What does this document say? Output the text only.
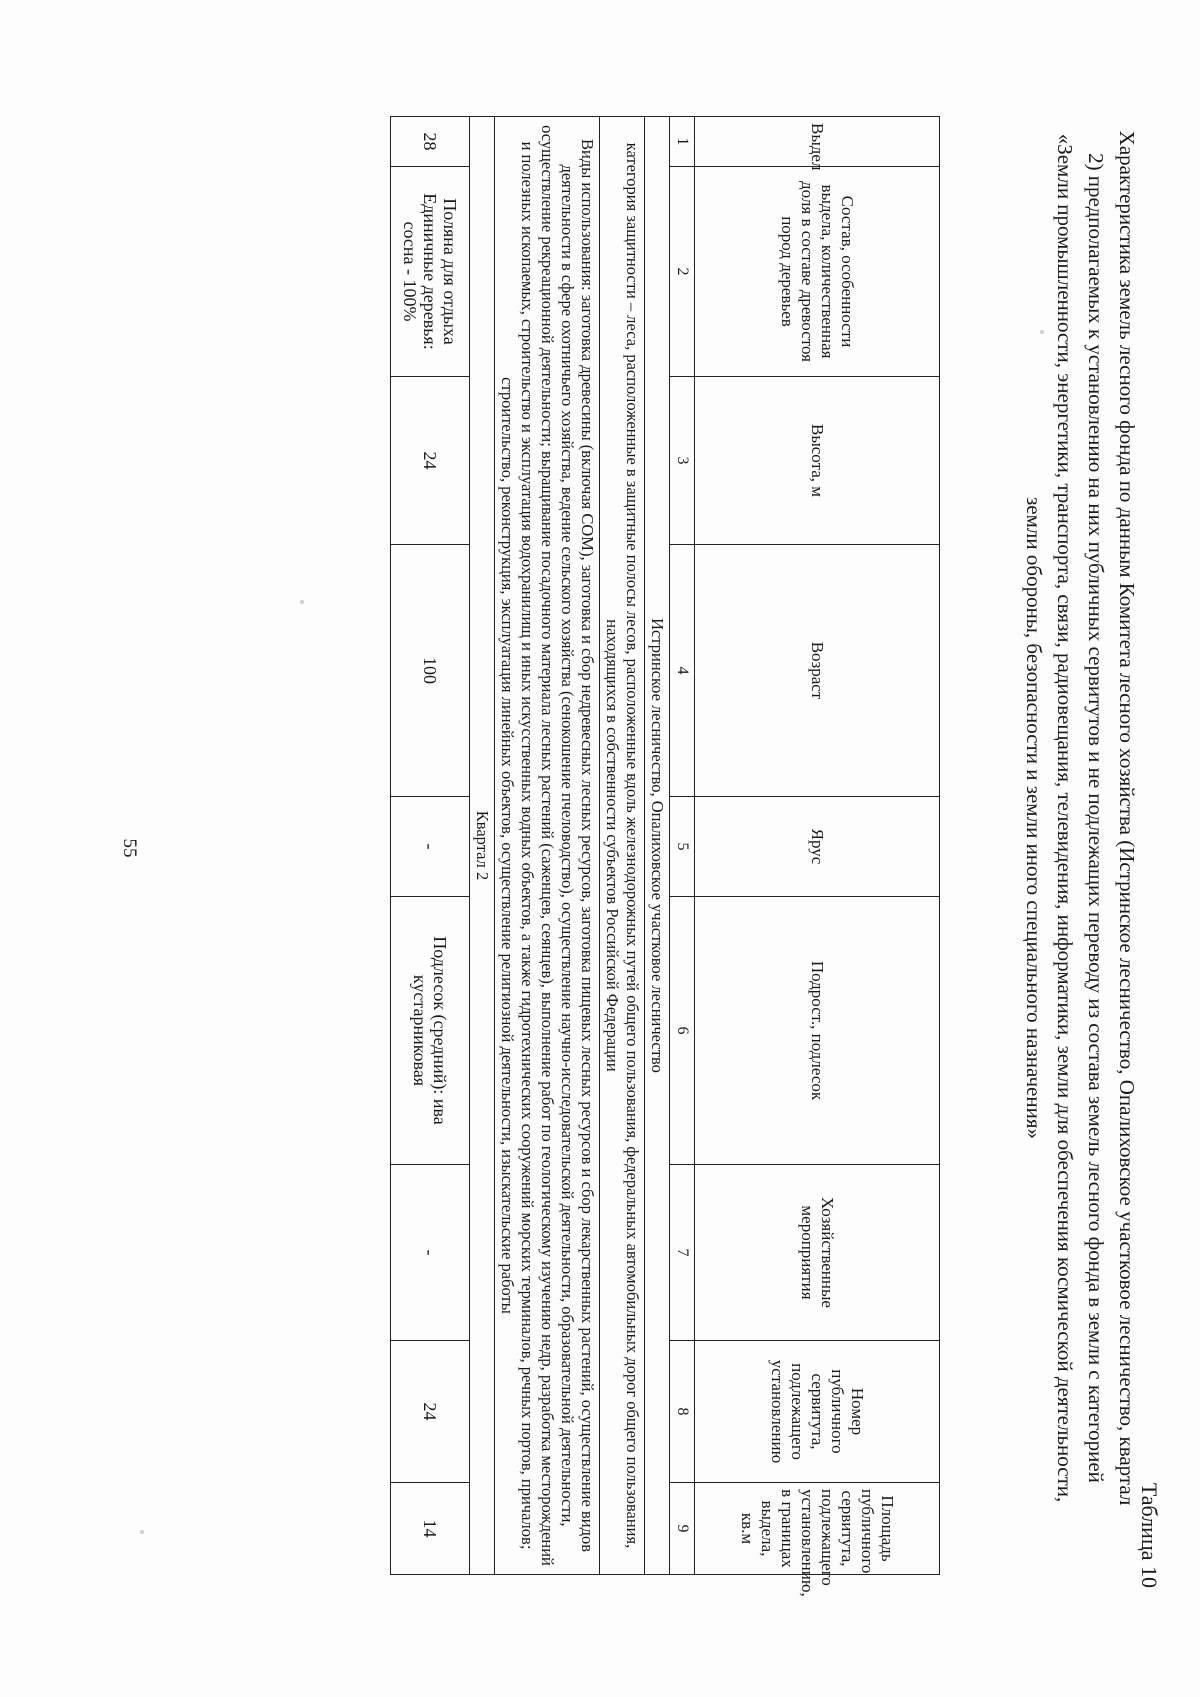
55
Таблица 10
Характеристика земель лесного фонда по данным Комитета лесного хозяйства (Истринское лесничество, Опалиховское участковое лесничество, квартал 2) предполагаемых к установлению на них публичных сервитутов и не подлежащих переводу из состава земель лесного фонда в земли с категорией «Земли промышленности, энергетики, транспорта, связи, радиовещания, телевидения, информатики, земли для обеспечения космической деятельности, земли обороны, безопасности и земли иного специального назначения»
Выдел	Состав, особенности выдела, количественная доля в составе древостоя пород деревьев	Высота, м	Возраст	Ярус	Подрост., подлесок	Хозяйственные мероприятия	Номер публичного сервитута, подлежащего установлению	Площадь публичного сервитута, подлежащего установлению, в границах выдела, кв.м
1	2	3	4	5	6	7	8	9
Истринское лесничество, Опалиховское участковое лесничество								
категория защитности – леса, расположенные в защитные полосы лесов, расположенные вдоль железнодорожных путей общего пользования, федеральных автомобильных дорог общего пользования, находящихся в собственности субъектов Российской Федерации								
Виды использования: заготовка древесины (включая СОМ), заготовка и сбор недревесных лесных ресурсов, заготовка пищевых лесных ресурсов и сбор лекарственных растений, осуществление видов деятельности в сфере охотничьего хозяйства, ведение сельского хозяйства (сенокошение пчеловодство), осуществление научно-исследовательской деятельности, образовательной деятельности, осуществление рекреационной деятельности; выращивание посадочного материала лесных растений (саженцев, сеянцев), выполнение работ по геологическому изучению недр, разработка месторождений и полезных ископаемых, строительство и эксплуатация водохранилищ и иных искусственных водных объектов, а также гидротехнических сооружений морских терминалов, речных портов, причалов; строительство, реконструкция, эксплуатация линейных объектов, осуществление религиозной деятельности, изыскательские работы								
Квартал 2								
28	Поляна для отдыха Единичные деревья: сосна - 100%	24	100	-	Подлесок (средний): ива кустарниковая	-	24	14
